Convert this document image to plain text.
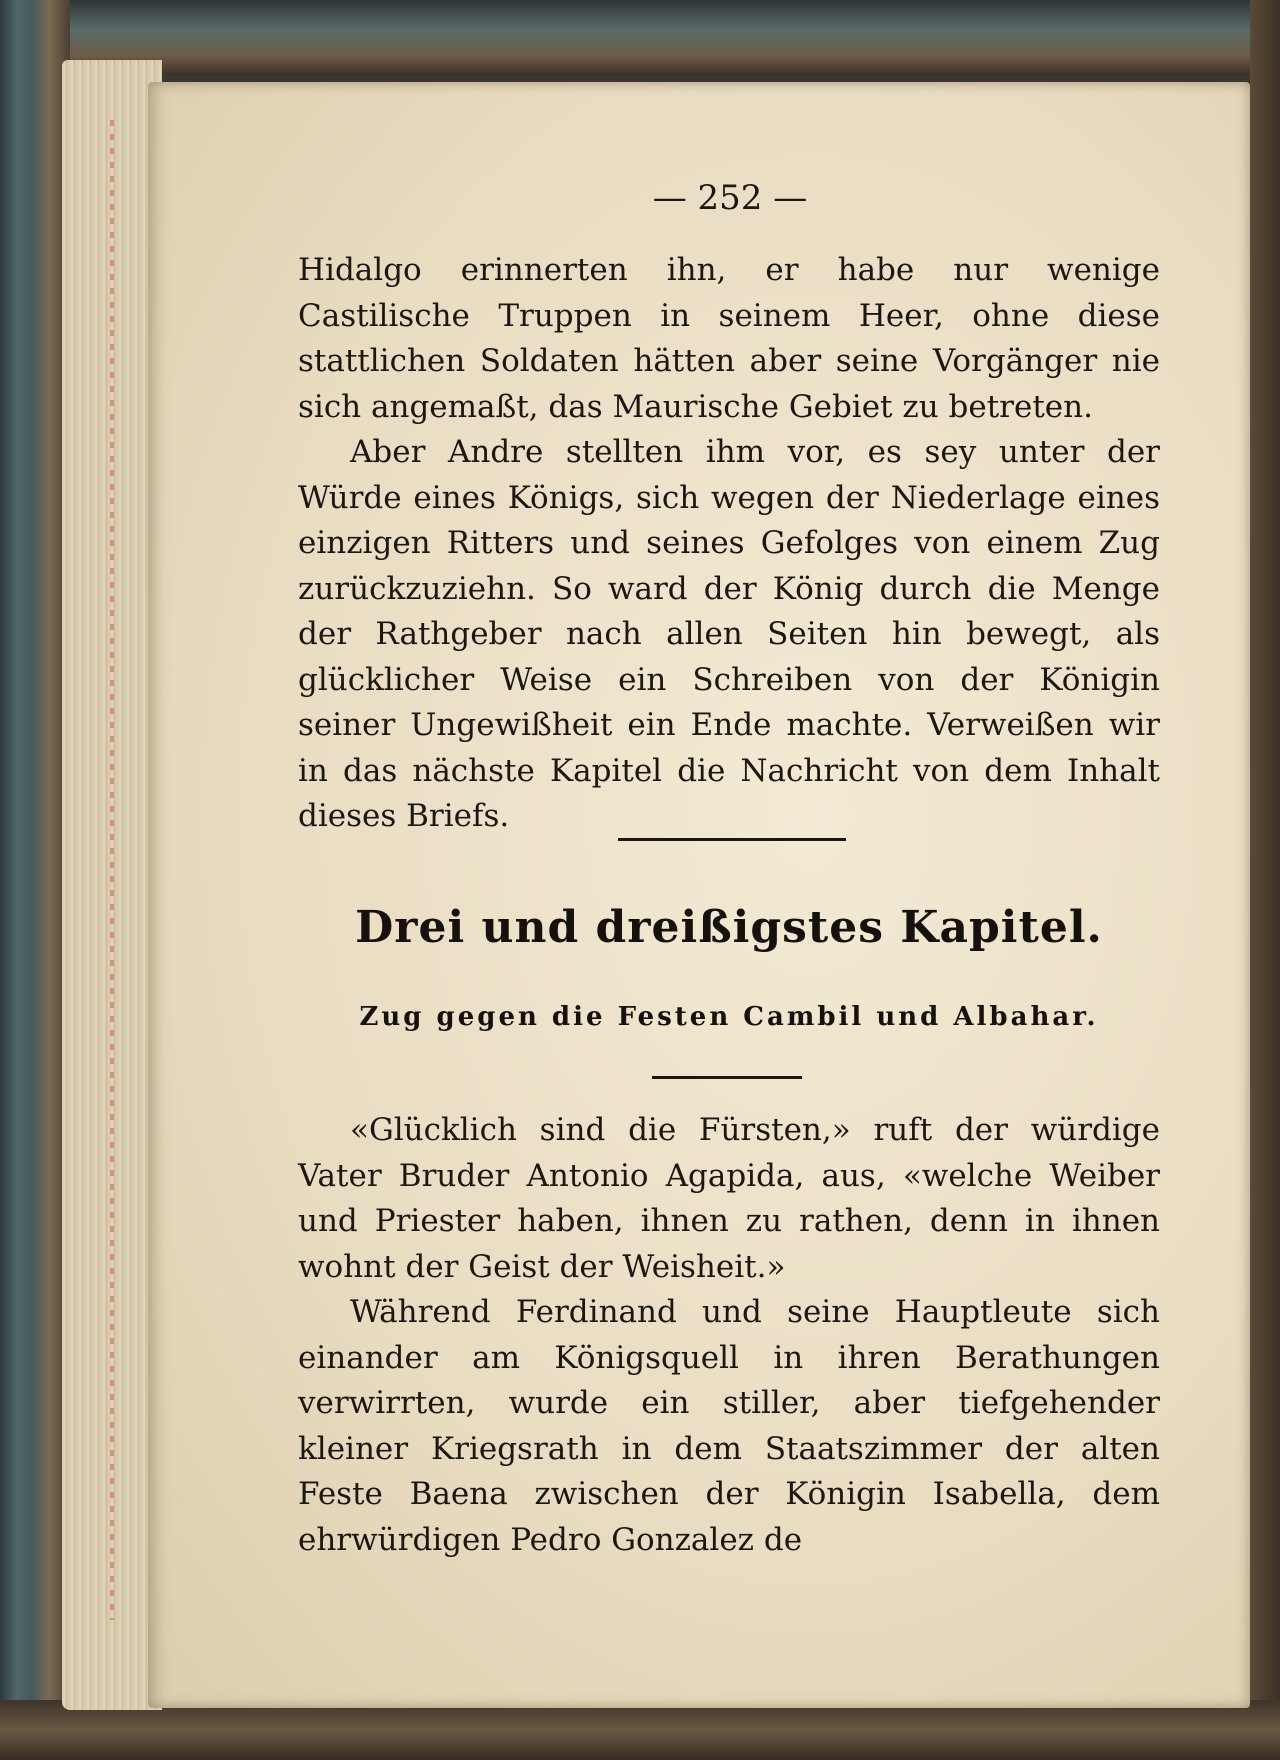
— 252 —

Hidalgo erinnerten ihn, er habe nur wenige Castilische Truppen in seinem Heer, ohne diese stattlichen Soldaten hätten aber seine Vorgänger nie sich angemaßt, das Maurische Gebiet zu betreten.

Aber Andre stellten ihm vor, es sey unter der Würde eines Königs, sich wegen der Niederlage eines einzigen Ritters und seines Gefolges von einem Zug zurückzuziehn. So ward der König durch die Menge der Rathgeber nach allen Seiten hin bewegt, als glücklicher Weise ein Schreiben von der Königin seiner Ungewißheit ein Ende machte. Verweißen wir in das nächste Kapitel die Nachricht von dem Inhalt dieses Briefs.

Drei und dreißigstes Kapitel.
Zug gegen die Festen Cambil und Albahar.

«Glücklich sind die Fürsten,» ruft der würdige Vater Bruder Antonio Agapida, aus, «welche Weiber und Priester haben, ihnen zu rathen, denn in ihnen wohnt der Geist der Weisheit.»

Während Ferdinand und seine Hauptleute sich einander am Königsquell in ihren Berathungen verwirrten, wurde ein stiller, aber tiefgehender kleiner Kriegsrath in dem Staatszimmer der alten Feste Baena zwischen der Königin Isabella, dem ehrwürdigen Pedro Gonzalez de
